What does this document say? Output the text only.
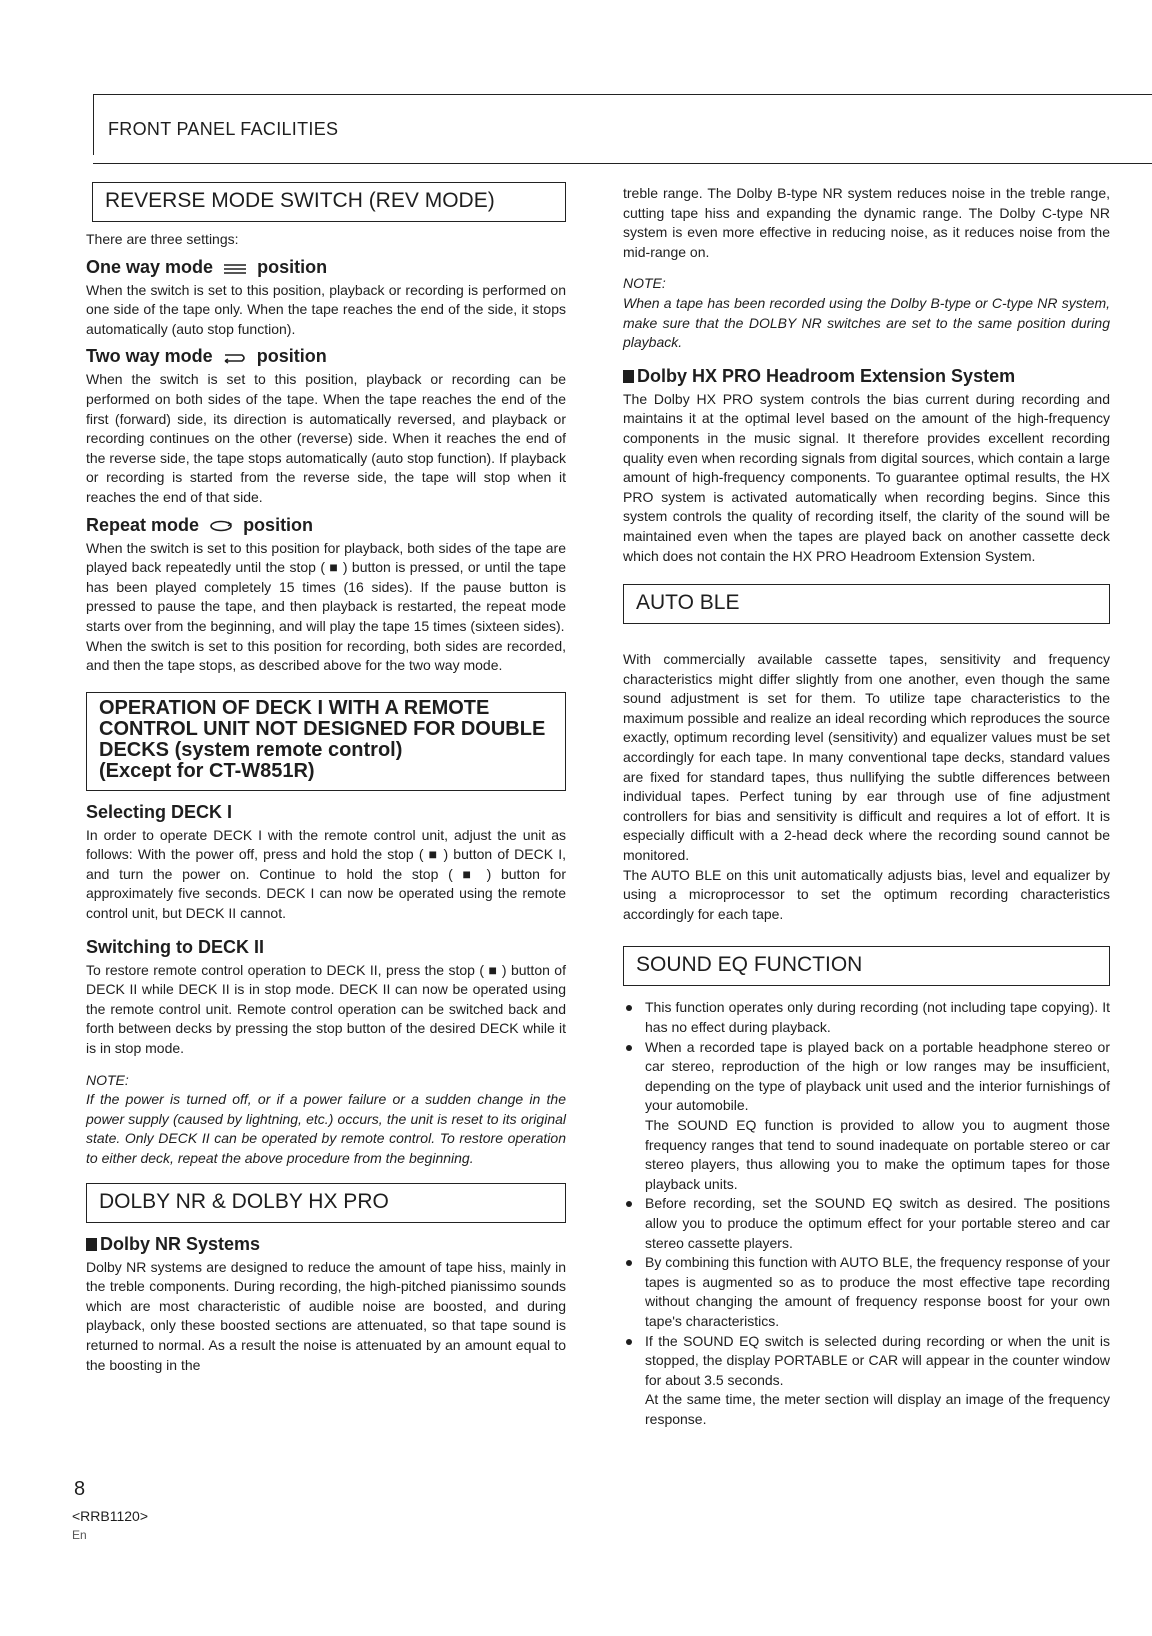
FRONT PANEL FACILITIES
REVERSE MODE SWITCH (REV MODE)

There are three settings:

One way mode position

When the switch is set to this position, playback or recording is performed on one side of the tape only. When the tape reaches the end of the side, it stops automatically (auto stop function).

Two way mode position

When the switch is set to this position, playback or recording can be performed on both sides of the tape. When the tape reaches the end of the first (forward) side, its direction is automatically reversed, and playback or recording continues on the other (reverse) side. When it reaches the end of the reverse side, the tape stops automatically (auto stop function). If playback or recording is started from the reverse side, the tape will stop when it reaches the end of that side.

Repeat mode position

When the switch is set to this position for playback, both sides of the tape are played back repeatedly until the stop ( ■ ) button is pressed, or until the tape has been played completely 15 times (16 sides). If the pause button is pressed to pause the tape, and then playback is restarted, the repeat mode starts over from the beginning, and will play the tape 15 times (sixteen sides).

When the switch is set to this position for recording, both sides are recorded, and then the tape stops, as described above for the two way mode.

OPERATION OF DECK I WITH A REMOTE
CONTROL UNIT NOT DESIGNED FOR DOUBLE
DECKS (system remote control)
(Except for CT-W851R)
Selecting DECK I

In order to operate DECK I with the remote control unit, adjust the unit as follows: With the power off, press and hold the stop ( ■ ) button of DECK I, and turn the power on. Continue to hold the stop ( ■ ) button for approximately five seconds. DECK I can now be operated using the remote control unit, but DECK II cannot.

Switching to DECK II

To restore remote control operation to DECK II, press the stop ( ■ ) button of DECK II while DECK II is in stop mode. DECK II can now be operated using the remote control unit. Remote control operation can be switched back and forth between decks by pressing the stop button of the desired DECK while it is in stop mode.

NOTE:

If the power is turned off, or if a power failure or a sudden change in the power supply (caused by lightning, etc.) occurs, the unit is reset to its original state. Only DECK II can be operated by remote control. To restore operation to either deck, repeat the above procedure from the beginning.

DOLBY NR & DOLBY HX PRO
Dolby NR Systems

Dolby NR systems are designed to reduce the amount of tape hiss, mainly in the treble components. During recording, the high-pitched pianissimo sounds which are most characteristic of audible noise are boosted, and during playback, only these boosted sections are attenuated, so that tape sound is returned to normal. As a result the noise is attenuated by an amount equal to the boosting in the

treble range. The Dolby B-type NR system reduces noise in the treble range, cutting tape hiss and expanding the dynamic range. The Dolby C-type NR system is even more effective in reducing noise, as it reduces noise from the mid-range on.

NOTE:

When a tape has been recorded using the Dolby B-type or C-type NR system, make sure that the DOLBY NR switches are set to the same position during playback.

Dolby HX PRO Headroom Extension System

The Dolby HX PRO system controls the bias current during recording and maintains it at the optimal level based on the amount of the high-frequency components in the music signal. It therefore provides excellent recording quality even when recording signals from digital sources, which contain a large amount of high-frequency components. To guarantee optimal results, the HX PRO system is activated automatically when recording begins. Since this system controls the quality of recording itself, the clarity of the sound will be maintained even when the tapes are played back on another cassette deck which does not contain the HX PRO Headroom Extension System.

AUTO BLE

With commercially available cassette tapes, sensitivity and frequency characteristics might differ slightly from one another, even though the same sound adjustment is set for them. To utilize tape characteristics to the maximum possible and realize an ideal recording which reproduces the source exactly, optimum recording level (sensitivity) and equalizer values must be set accordingly for each tape. In many conventional tape decks, standard values are fixed for standard tapes, thus nullifying the subtle differences between individual tapes. Perfect tuning by ear through use of fine adjustment controllers for bias and sensitivity is difficult and requires a lot of effort. It is especially difficult with a 2-head deck where the recording sound cannot be monitored.

The AUTO BLE on this unit automatically adjusts bias, level and equalizer by using a microprocessor to set the optimum recording characteristics accordingly for each tape.

SOUND EQ FUNCTION

This function operates only during recording (not including tape copying). It has no effect during playback.

When a recorded tape is played back on a portable headphone stereo or car stereo, reproduction of the high or low ranges may be insufficient, depending on the type of playback unit used and the interior furnishings of your automobile.

The SOUND EQ function is provided to allow you to augment those frequency ranges that tend to sound inadequate on portable stereo or car stereo players, thus allowing you to make the optimum tapes for those playback units.

Before recording, set the SOUND EQ switch as desired. The positions allow you to produce the optimum effect for your portable stereo and car stereo cassette players.

By combining this function with AUTO BLE, the frequency response of your tapes is augmented so as to produce the most effective tape recording without changing the amount of frequency response boost for your own tape's characteristics.

If the SOUND EQ switch is selected during recording or when the unit is stopped, the display PORTABLE or CAR will appear in the counter window for about 3.5 seconds.

At the same time, the meter section will display an image of the frequency response.

8
<RRB1120>
En
